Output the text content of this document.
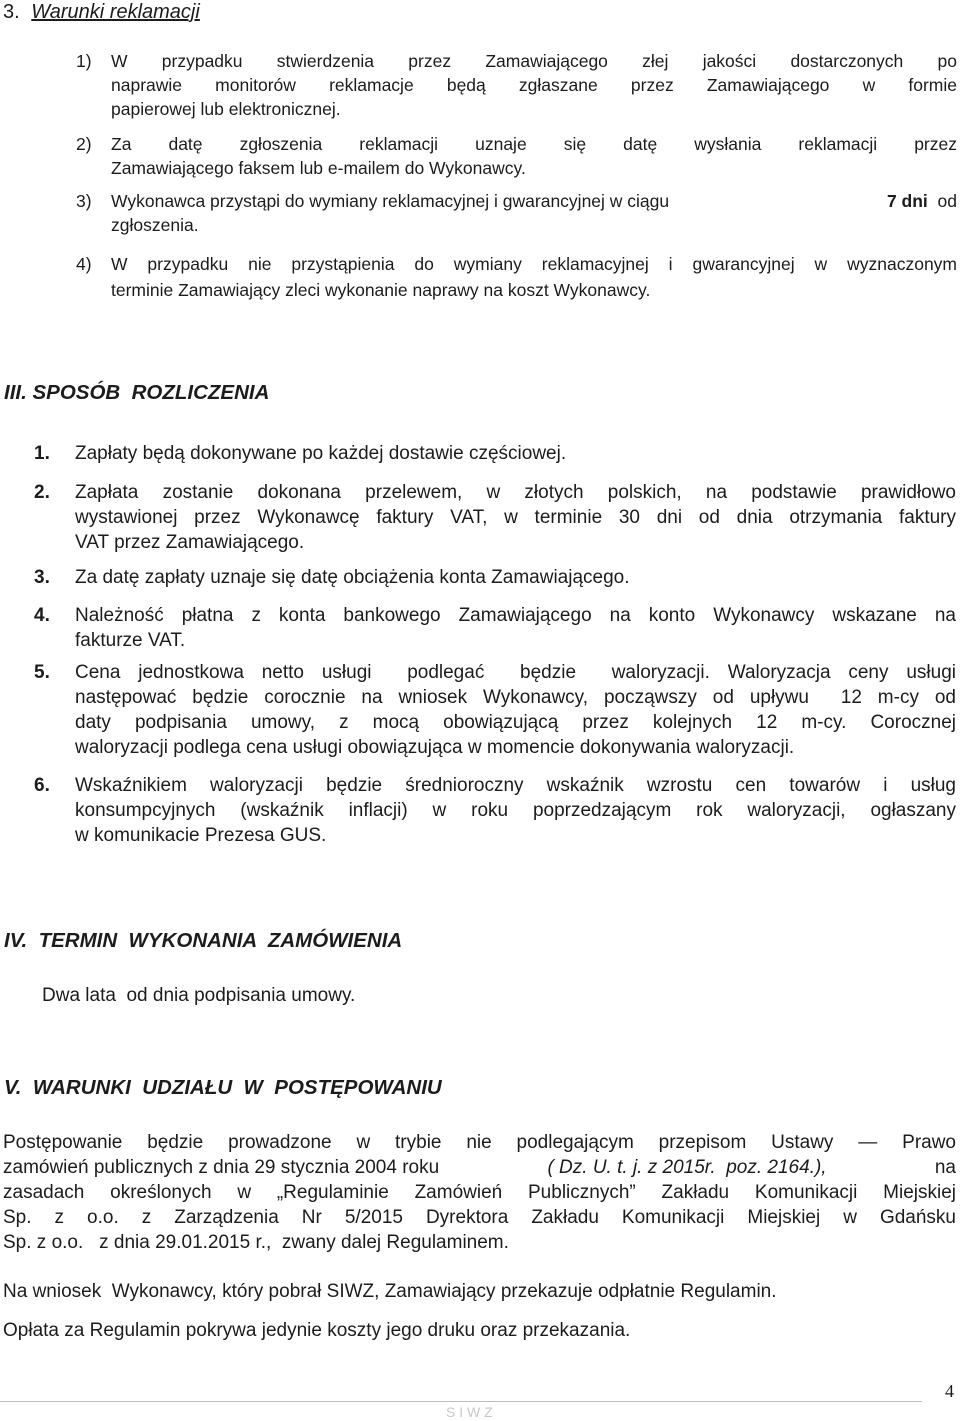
3. Warunki reklamacji
1) W przypadku stwierdzenia przez Zamawiającego złej jakości dostarczonych po
naprawie monitorów reklamacje będą zgłaszane przez Zamawiającego w formie
papierowej lub elektronicznej.
2) Za datę zgłoszenia reklamacji uznaje się datę wysłania reklamacji przez
Zamawiającego faksem lub e-mailem do Wykonawcy.
3) Wykonawca przystąpi do wymiany reklamacyjnej i gwarancyjnej w ciągu	7 dni od
zgłoszenia.
4) W przypadku nie przystąpienia do wymiany reklamacyjnej i gwarancyjnej w wyznaczonym
terminie Zamawiający zleci wykonanie naprawy na koszt Wykonawcy.
III. SPOSÓB  ROZLICZENIA
1. Zapłaty będą dokonywane po każdej dostawie częściowej.
2. Zapłata zostanie dokonana przelewem, w złotych polskich, na podstawie prawidłowo
wystawionej przez Wykonawcę faktury VAT, w terminie 30 dni od dnia otrzymania faktury
VAT przez Zamawiającego.
3. Za datę zapłaty uznaje się datę obciążenia konta Zamawiającego.
4. Należność płatna z konta bankowego Zamawiającego na konto Wykonawcy wskazane na
fakturze VAT.
5. Cena jednostkowa netto usługi  podlegać  będzie  waloryzacji. Waloryzacja ceny usługi
następować będzie corocznie na wniosek Wykonawcy, począwszy od upływu  12 m-cy od
daty podpisania umowy, z mocą obowiązującą przez kolejnych 12 m-cy. Corocznej
waloryzacji podlega cena usługi obowiązująca w momencie dokonywania waloryzacji.
6. Wskaźnikiem waloryzacji będzie średnioroczny wskaźnik wzrostu cen towarów i usług
konsumpcyjnych (wskaźnik inflacji) w roku poprzedzającym rok waloryzacji, ogłaszany
w komunikacie Prezesa GUS.
IV.  TERMIN  WYKONANIA  ZAMÓWIENIA
Dwa lata  od dnia podpisania umowy.
V.  WARUNKI  UDZIAŁU  W  POSTĘPOWANIU
Postępowanie będzie prowadzone w trybie nie podlegającym przepisom Ustawy — Prawo
zamówień publicznych z dnia 29 stycznia 2004 roku	( Dz. U. t. j. z 2015r.  poz. 2164.),	na
zasadach określonych w „Regulaminie Zamówień Publicznych” Zakładu Komunikacji Miejskiej
Sp. z o.o. z Zarządzenia Nr 5/2015 Dyrektora Zakładu Komunikacji Miejskiej w Gdańsku
Sp. z o.o.   z dnia 29.01.2015 r.,  zwany dalej Regulaminem.
Na wniosek  Wykonawcy, który pobrał SIWZ, Zamawiający przekazuje odpłatnie Regulamin.
Opłata za Regulamin pokrywa jedynie koszty jego druku oraz przekazania.
4
S I W Z
